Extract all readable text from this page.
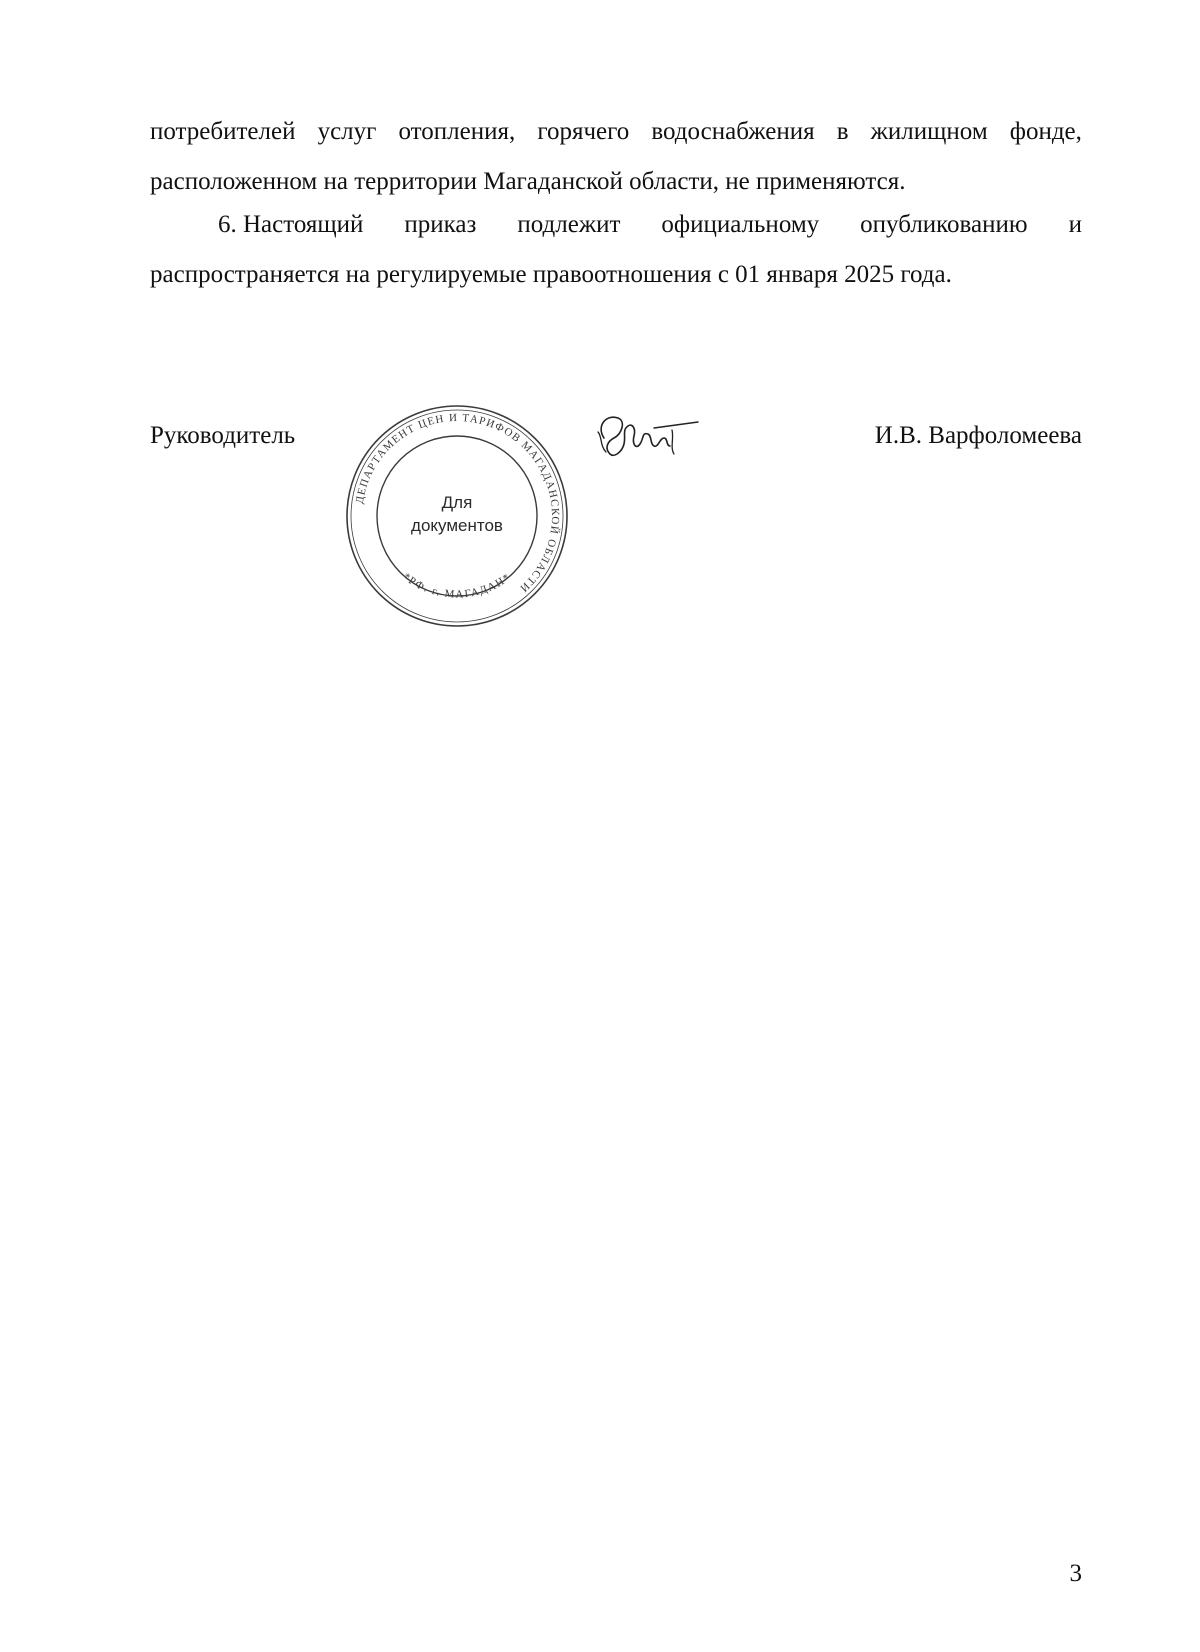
потребителей услуг отопления, горячего водоснабжения в жилищном фонде,
расположенном на территории Магаданской области, не применяются.
6. Настоящий приказ подлежит официальному опубликованию и
распространяется на регулируемые правоотношения с 01 января 2025 года.
Руководитель
ДЕПАРТАМЕНТ ЦЕН И ТАРИФОВ МАГАДАНСКОЙ ОБЛАСТИ
*РФ. г. МАГАДАН*
Для
документов
И.В. Варфоломеева
3
